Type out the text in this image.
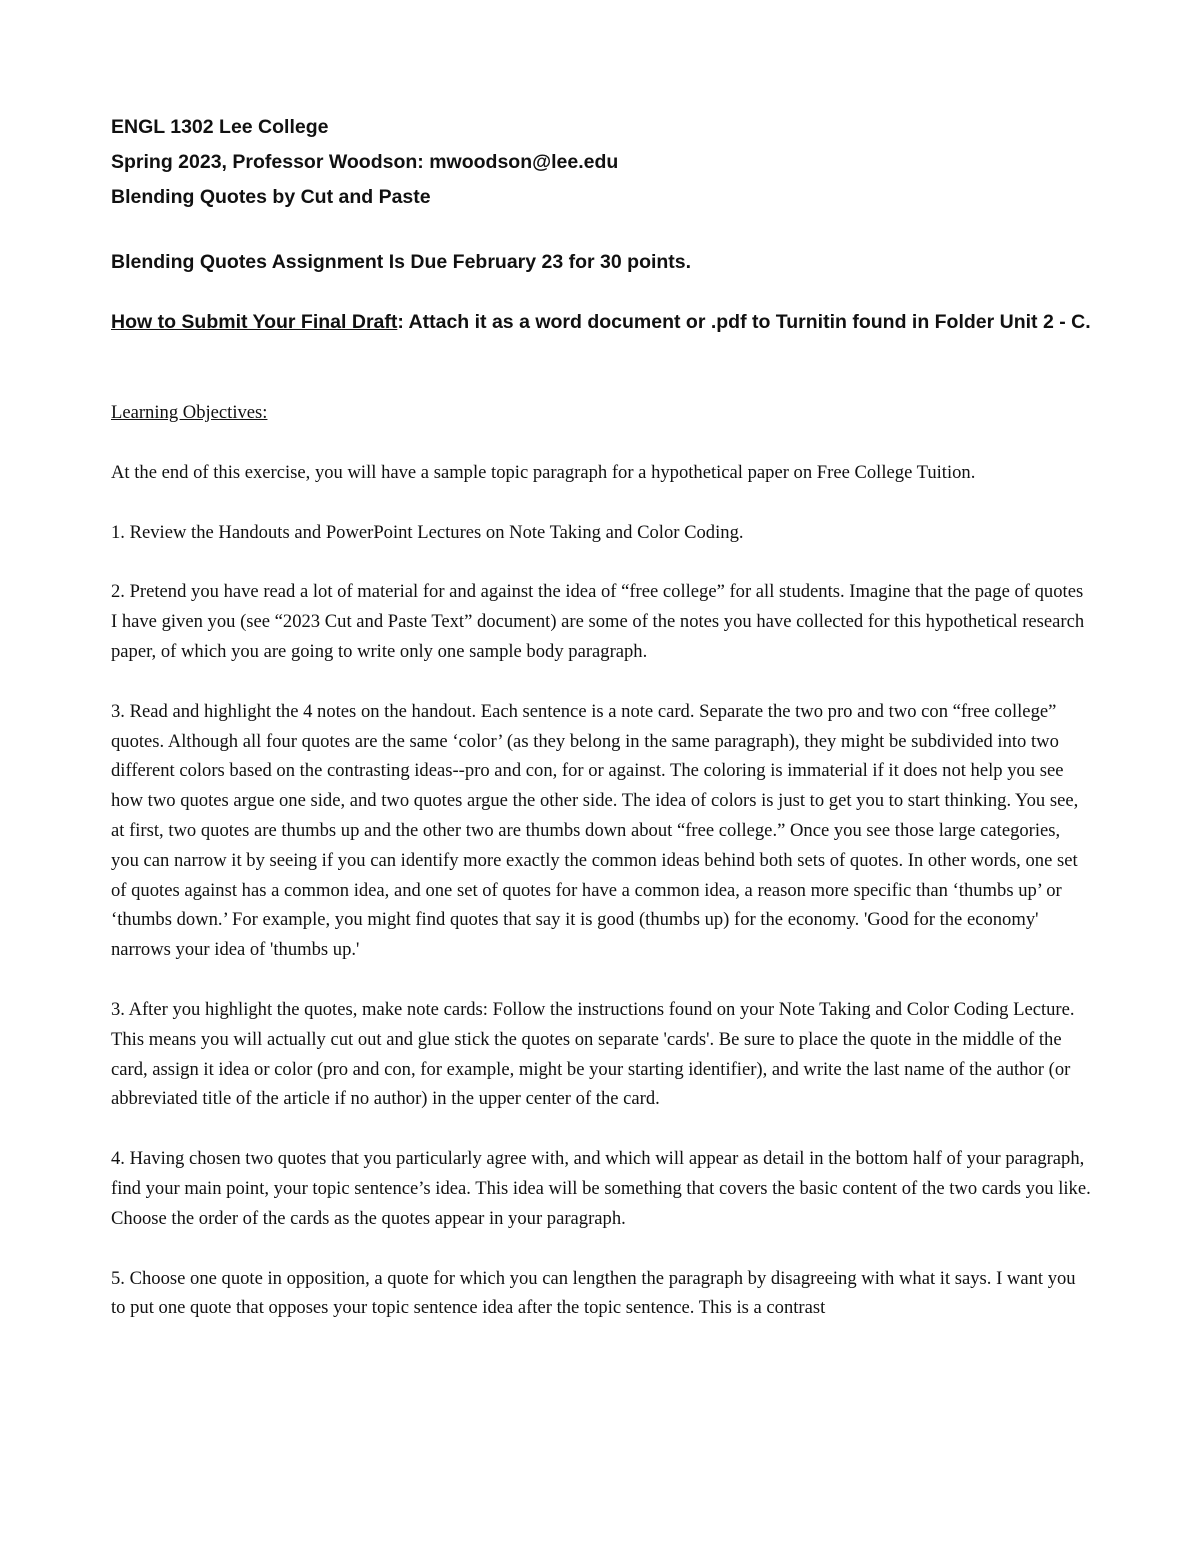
ENGL 1302 Lee College

Spring 2023, Professor Woodson: mwoodson@lee.edu

Blending Quotes by Cut and Paste

Blending Quotes Assignment Is Due February 23 for 30 points.

How to Submit Your Final Draft: Attach it as a word document or .pdf to Turnitin found in Folder Unit 2 - C.

Learning Objectives:

At the end of this exercise, you will have a sample topic paragraph for a hypothetical paper on Free College Tuition.

1. Review the Handouts and PowerPoint Lectures on Note Taking and Color Coding.

2. Pretend you have read a lot of material for and against the idea of “free college” for all students. Imagine that the page of quotes I have given you (see “2023 Cut and Paste Text” document) are some of the notes you have collected for this hypothetical research paper, of which you are going to write only one sample body paragraph.

3. Read and highlight the 4 notes on the handout. Each sentence is a note card. Separate the two pro and two con “free college” quotes. Although all four quotes are the same ‘color’ (as they belong in the same paragraph), they might be subdivided into two different colors based on the contrasting ideas--pro and con, for or against. The coloring is immaterial if it does not help you see how two quotes argue one side, and two quotes argue the other side. The idea of colors is just to get you to start thinking. You see, at first, two quotes are thumbs up and the other two are thumbs down about “free college.” Once you see those large categories, you can narrow it by seeing if you can identify more exactly the common ideas behind both sets of quotes. In other words, one set of quotes against has a common idea, and one set of quotes for have a common idea, a reason more specific than ‘thumbs up’ or ‘thumbs down.’ For example, you might find quotes that say it is good (thumbs up) for the economy. 'Good for the economy' narrows your idea of 'thumbs up.'

3. After you highlight the quotes, make note cards: Follow the instructions found on your Note Taking and Color Coding Lecture. This means you will actually cut out and glue stick the quotes on separate 'cards'. Be sure to place the quote in the middle of the card, assign it idea or color (pro and con, for example, might be your starting identifier), and write the last name of the author (or abbreviated title of the article if no author) in the upper center of the card.

4. Having chosen two quotes that you particularly agree with, and which will appear as detail in the bottom half of your paragraph, find your main point, your topic sentence’s idea. This idea will be something that covers the basic content of the two cards you like. Choose the order of the cards as the quotes appear in your paragraph.

5. Choose one quote in opposition, a quote for which you can lengthen the paragraph by disagreeing with what it says. I want you to put one quote that opposes your topic sentence idea after the topic sentence. This is a contrast
